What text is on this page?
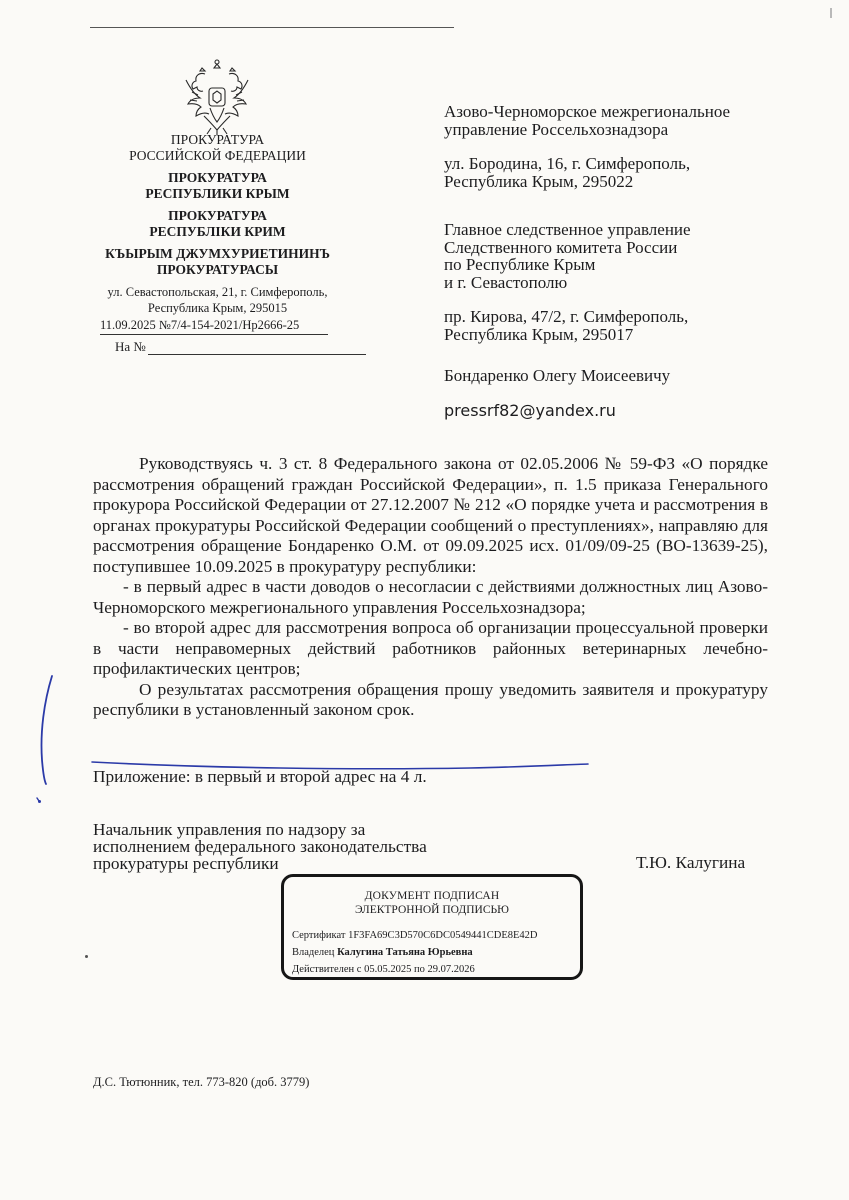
ПРОКУРАТУРА
РОССИЙСКОЙ ФЕДЕРАЦИИ
ПРОКУРАТУРА
РЕСПУБЛИКИ КРЫМ
ПРОКУРАТУРА
РЕСПУБЛІКИ КРИМ
КЪЫРЫМ ДЖУМХУРИЕТИНИНЪ
ПРОКУРАТУРАСЫ
ул. Севастопольская, 21, г. Симферополь,
Республика Крым, 295015
11.09.2025 №7/4-154-2021/Нр2666-25
На №
Азово-Черноморское межрегиональное
управление Россельхознадзора
ул. Бородина, 16, г. Симферополь,
Республика Крым, 295022
Главное следственное управление
Следственного комитета России
по Республике Крым
и г. Севастополю
пр. Кирова, 47/2, г. Симферополь,
Республика Крым, 295017
Бондаренко Олегу Моисеевичу
pressrf82@yandex.ru

Руководствуясь ч. 3 ст. 8 Федерального закона от 02.05.2006 № 59-ФЗ «О порядке рассмотрения обращений граждан Российской Федерации», п. 1.5 приказа Генерального прокурора Российской Федерации от 27.12.2007 № 212 «О порядке учета и рассмотрения в органах прокуратуры Российской Федерации сообщений о преступлениях», направляю для рассмотрения обращение Бондаренко О.М. от 09.09.2025 исх. 01/09/09-25 (ВО-13639-25), поступившее 10.09.2025 в прокуратуру республики:

- в первый адрес в части доводов о несогласии с действиями должностных лиц Азово-Черноморского межрегионального управления Россельхознадзора;

- во второй адрес для рассмотрения вопроса об организации процессуальной проверки в части неправомерных действий работников районных ветеринарных лечебно-профилактических центров;

О результатах рассмотрения обращения прошу уведомить заявителя и прокуратуру республики в установленный законом срок.

Приложение: в первый и второй адрес на 4 л.
Начальник управления по надзору за
исполнением федерального законодательства
прокуратуры республики	Т.Ю. Калугина
ДОКУМЕНТ ПОДПИСАН
ЭЛЕКТРОННОЙ ПОДПИСЬЮ
Сертификат 1F3FA69C3D570C6DC0549441CDE8E42D
Владелец Калугина Татьяна Юрьевна
Действителен с 05.05.2025 по 29.07.2026
Д.С. Тютюнник, тел. 773-820 (доб. 3779)
